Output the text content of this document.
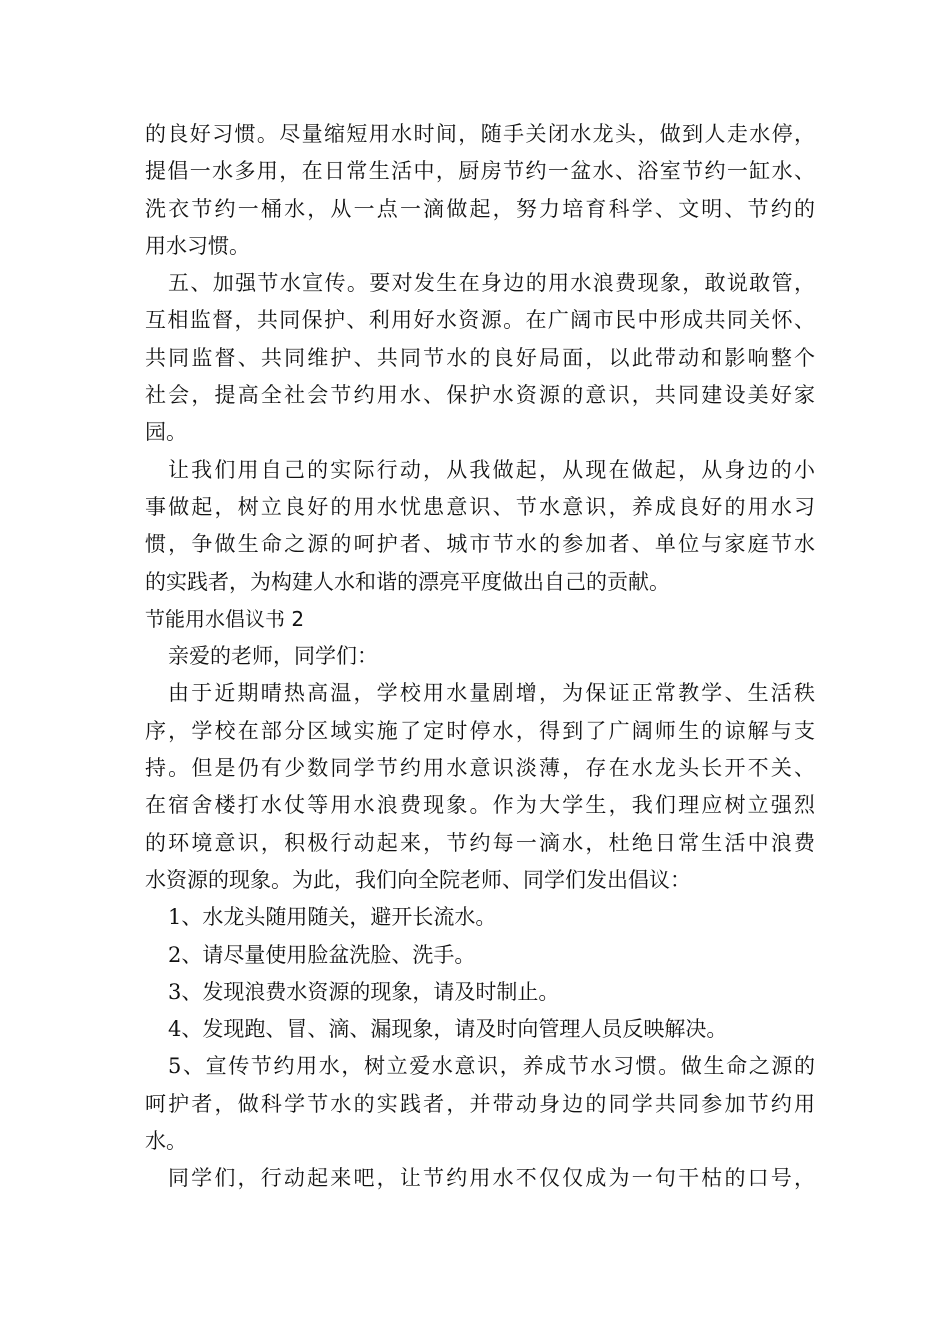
的良好习惯。尽量缩短用水时间，随手关闭水龙头，做到人走水停，
提倡一水多用，在日常生活中，厨房节约一盆水、浴室节约一缸水、
洗衣节约一桶水，从一点一滴做起，努力培育科学、文明、节约的
用水习惯。
五、加强节水宣传。要对发生在身边的用水浪费现象，敢说敢管，
互相监督，共同保护、利用好水资源。在广阔市民中形成共同关怀、
共同监督、共同维护、共同节水的良好局面，以此带动和影响整个
社会，提高全社会节约用水、保护水资源的意识，共同建设美好家
园。
让我们用自己的实际行动，从我做起，从现在做起，从身边的小
事做起，树立良好的用水忧患意识、节水意识，养成良好的用水习
惯，争做生命之源的呵护者、城市节水的参加者、单位与家庭节水
的实践者，为构建人水和谐的漂亮平度做出自己的贡献。
节能用水倡议书 2
亲爱的老师，同学们：
由于近期晴热高温，学校用水量剧增，为保证正常教学、生活秩
序，学校在部分区域实施了定时停水，得到了广阔师生的谅解与支
持。但是仍有少数同学节约用水意识淡薄，存在水龙头长开不关、
在宿舍楼打水仗等用水浪费现象。作为大学生，我们理应树立强烈
的环境意识，积极行动起来，节约每一滴水，杜绝日常生活中浪费
水资源的现象。为此，我们向全院老师、同学们发出倡议：
1、水龙头随用随关，避开长流水。
2、请尽量使用脸盆洗脸、洗手。
3、发现浪费水资源的现象，请及时制止。
4、发现跑、冒、滴、漏现象，请及时向管理人员反映解决。
5、宣传节约用水，树立爱水意识，养成节水习惯。做生命之源的
呵护者，做科学节水的实践者，并带动身边的同学共同参加节约用
水。
同学们，行动起来吧，让节约用水不仅仅成为一句干枯的口号，
